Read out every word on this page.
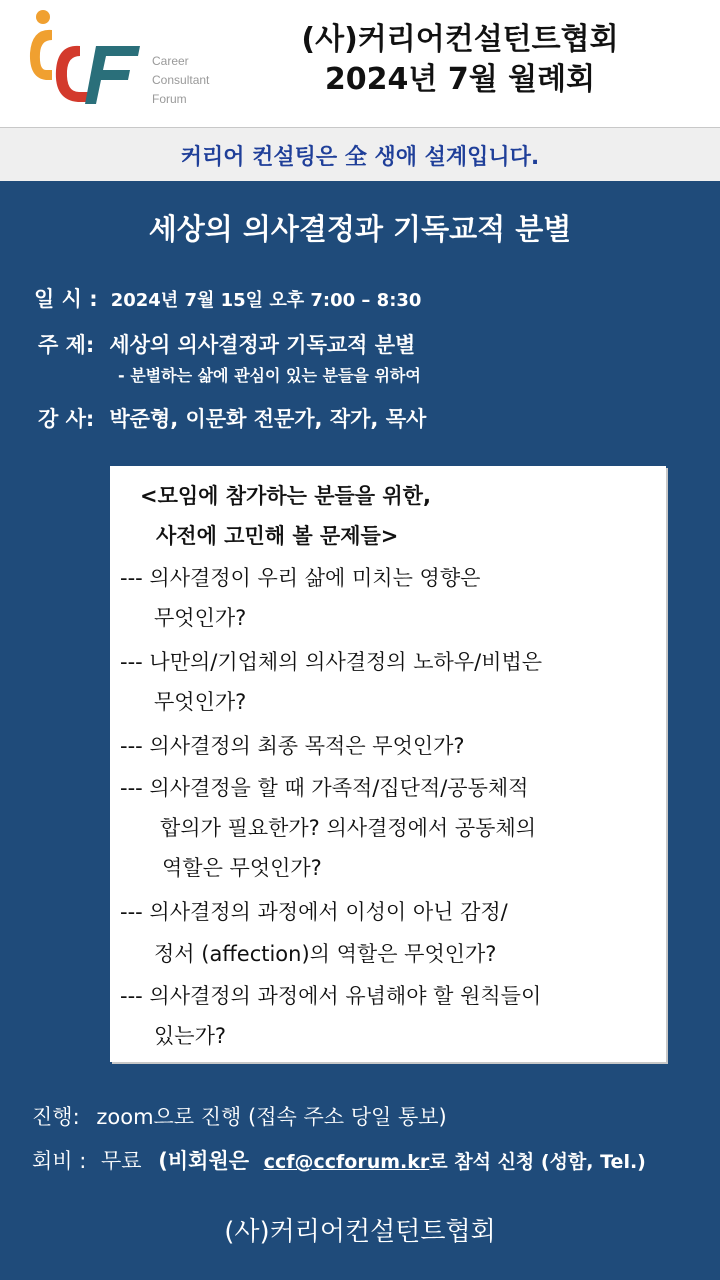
Career
Consultant
Forum
(사)커리어컨설턴트협회
2024년 7월 월례회
커리어 컨설팅은 全 생애 설계입니다.
세상의 의사결정과 기독교적 분별
일 시 : 2024년 7월 15일 오후 7:00 – 8:30
주 제: 세상의 의사결정과 기독교적 분별
- 분별하는 삶에 관심이 있는 분들을 위하여
강 사: 박준형, 이문화 전문가, 작가, 목사
<모임에 참가하는 분들을 위한,
사전에 고민해 볼 문제들>
--- 의사결정이 우리 삶에 미치는 영향은
무엇인가?
--- 나만의/기업체의 의사결정의 노하우/비법은
무엇인가?
--- 의사결정의 최종 목적은 무엇인가?
--- 의사결정을 할 때 가족적/집단적/공동체적
합의가 필요한가? 의사결정에서 공동체의
역할은 무엇인가?
--- 의사결정의 과정에서 이성이 아닌 감정/
정서 (affection)의 역할은 무엇인가?
--- 의사결정의 과정에서 유념해야 할 원칙들이
있는가?
진행: zoom으로 진행 (접속 주소 당일 통보)
회비 : 무료 (비회원은 ccf@ccforum.kr로 참석 신청 (성함, Tel.)
(사)커리어컨설턴트협회
